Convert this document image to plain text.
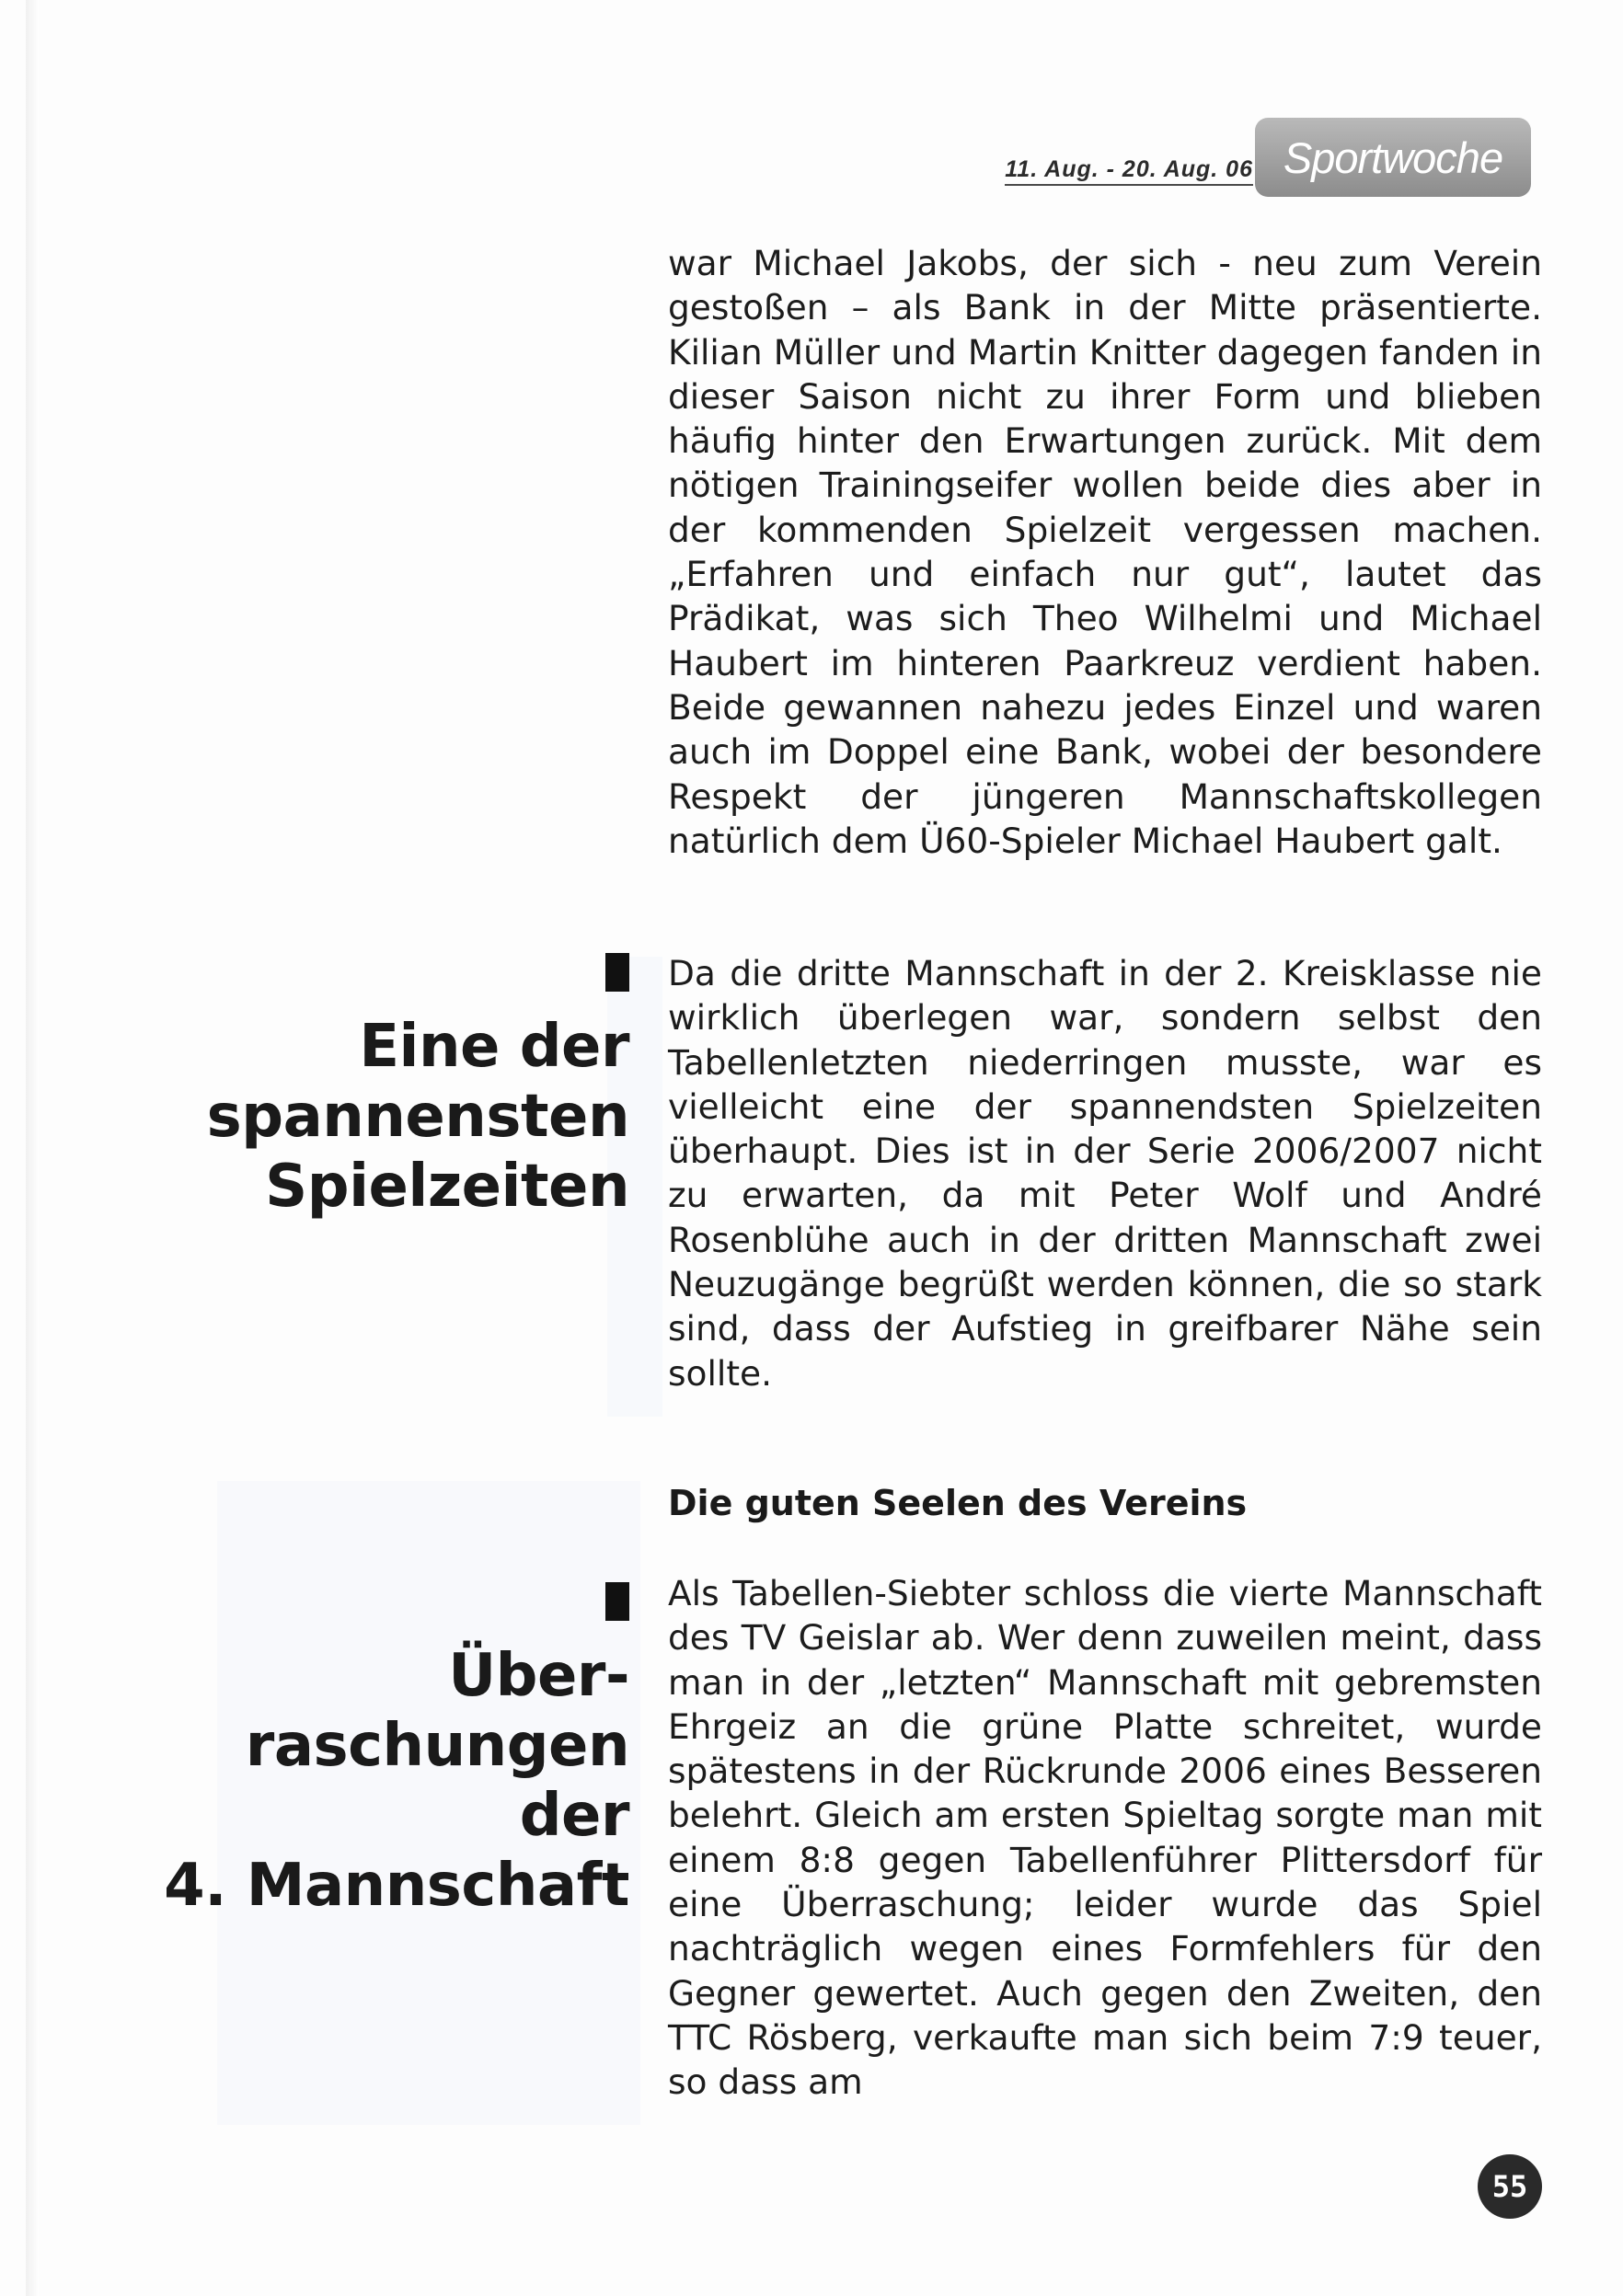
11. Aug. - 20. Aug. 06 Sportwoche

war Michael Jakobs, der sich - neu zum Verein gestoßen – als Bank in der Mitte präsentierte. Kilian Müller und Martin Knitter dagegen fanden in dieser Saison nicht zu ihrer Form und blieben häufig hinter den Erwartungen zurück. Mit dem nötigen Trainingseifer wollen beide dies aber in der kommenden Spielzeit vergessen machen. „Erfahren und einfach nur gut“, lautet das Prädikat, was sich Theo Wilhelmi und Michael Haubert im hinteren Paarkreuz verdient haben. Beide gewannen nahezu jedes Einzel und waren auch im Doppel eine Bank, wobei der besondere Respekt der jüngeren Mannschaftskollegen natürlich dem Ü60-Spieler Michael Haubert galt.

Eine der
spannensten
Spielzeiten

Da die dritte Mannschaft in der 2. Kreisklasse nie wirklich überlegen war, sondern selbst den Tabellenletzten niederringen musste, war es vielleicht eine der spannendsten Spielzeiten überhaupt. Dies ist in der Serie 2006/2007 nicht zu erwarten, da mit Peter Wolf und André Rosenblühe auch in der dritten Mannschaft zwei Neuzugänge begrüßt werden können, die so stark sind, dass der Aufstieg in greifbarer Nähe sein sollte.

Die guten Seelen des Vereins
Über-
raschungen
der
4. Mannschaft

Als Tabellen-Siebter schloss die vierte Mannschaft des TV Geislar ab. Wer denn zuweilen meint, dass man in der „letzten“ Mannschaft mit gebremsten Ehrgeiz an die grüne Platte schreitet, wurde spätestens in der Rückrunde 2006 eines Besseren belehrt. Gleich am ersten Spieltag sorgte man mit einem 8:8 gegen Tabellenführer Plittersdorf für eine Überraschung; leider wurde das Spiel nachträglich wegen eines Formfehlers für den Gegner gewertet. Auch gegen den Zweiten, den TTC Rösberg, verkaufte man sich beim 7:9 teuer, so dass am

55
